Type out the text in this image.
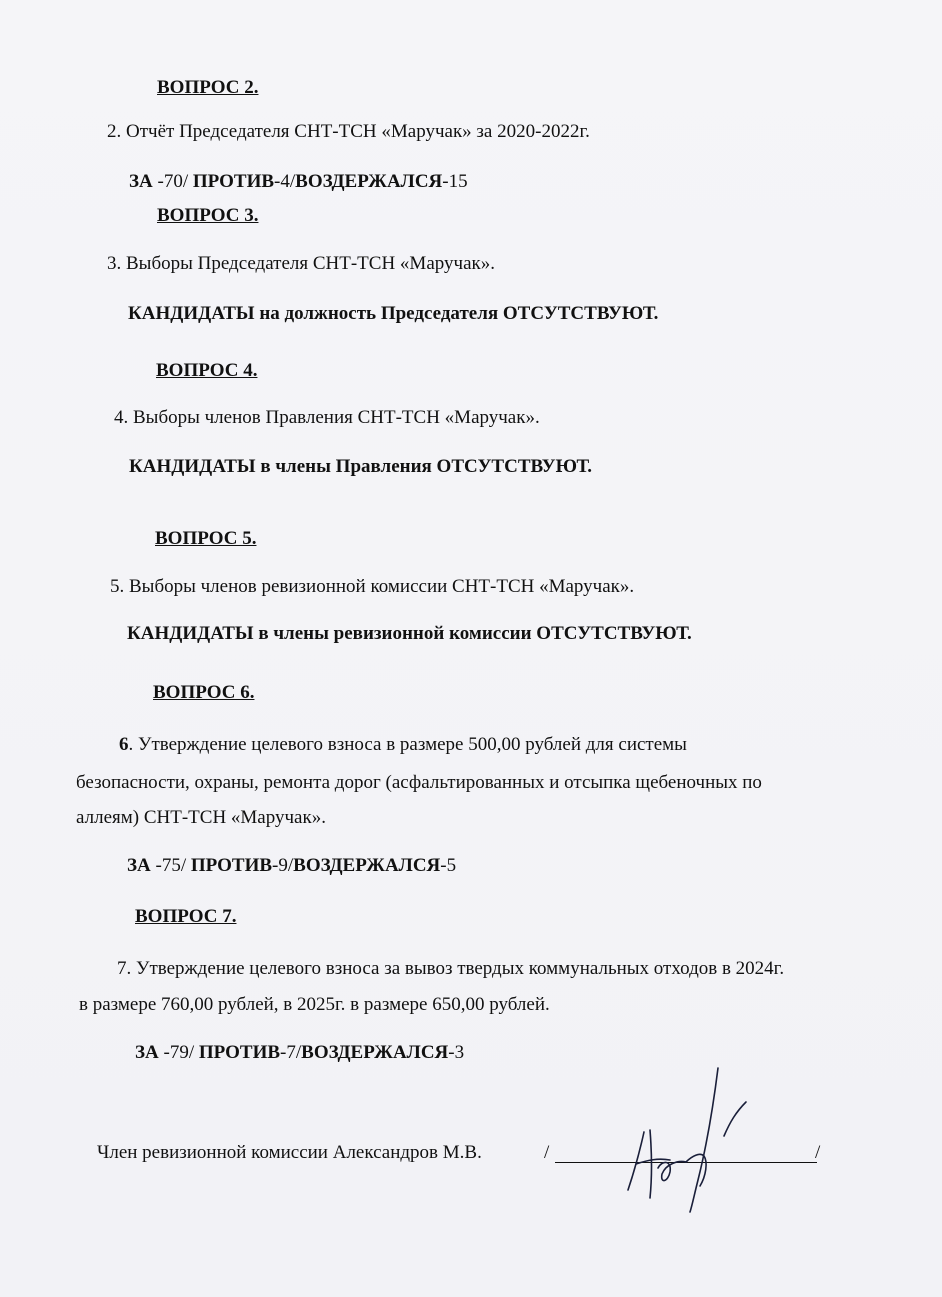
ВОПРОС 2.
2. Отчёт Председателя СНТ-ТСН «Маручак» за 2020-2022г.
ЗА -70/ ПРОТИВ-4/ВОЗДЕРЖАЛСЯ-15
ВОПРОС 3.
3. Выборы Председателя СНТ-ТСН «Маручак».
КАНДИДАТЫ на должность Председателя ОТСУТСТВУЮТ.
ВОПРОС 4.
4. Выборы членов Правления СНТ-ТСН «Маручак».
КАНДИДАТЫ в члены Правления ОТСУТСТВУЮТ.
ВОПРОС 5.
5. Выборы членов ревизионной комиссии СНТ-ТСН «Маручак».
КАНДИДАТЫ в члены ревизионной комиссии ОТСУТСТВУЮТ.
ВОПРОС 6.
6. Утверждение целевого взноса в размере 500,00 рублей для системы
безопасности, охраны, ремонта дорог (асфальтированных и отсыпка щебеночных по
аллеям) СНТ-ТСН «Маручак».
ЗА -75/ ПРОТИВ-9/ВОЗДЕРЖАЛСЯ-5
ВОПРОС 7.
7. Утверждение целевого взноса за вывоз твердых коммунальных отходов в 2024г.
в размере 760,00 рублей, в 2025г. в размере 650,00 рублей.
ЗА -79/ ПРОТИВ-7/ВОЗДЕРЖАЛСЯ-3
Член ревизионной комиссии Александров М.В.	/	/
